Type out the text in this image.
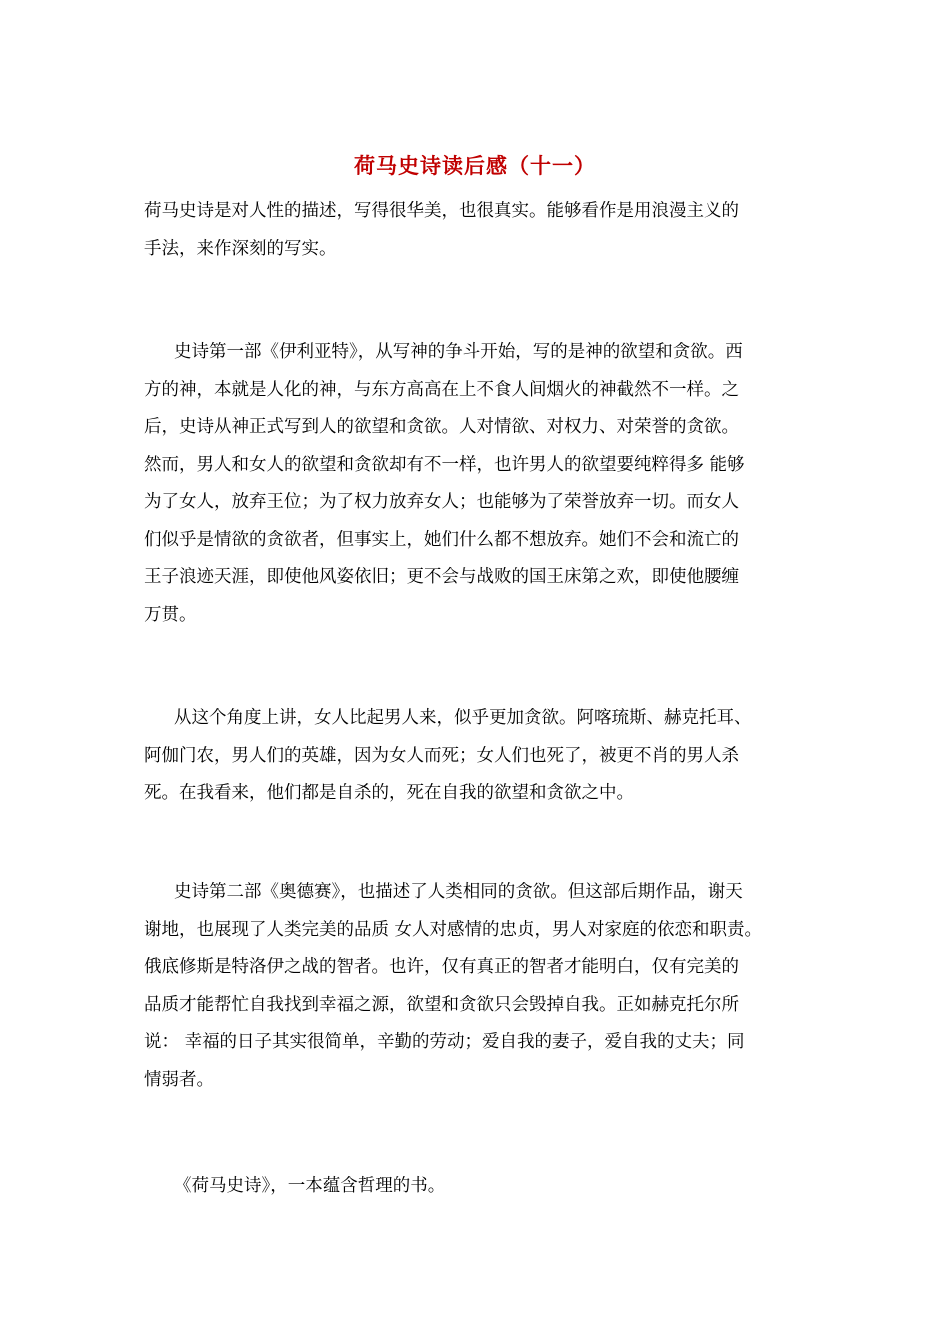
荷马史诗读后感（十一）
荷马史诗是对人性的描述，写得很华美，也很真实。能够看作是用浪漫主义的
手法，来作深刻的写实。
史诗第一部《伊利亚特》，从写神的争斗开始，写的是神的欲望和贪欲。西
方的神，本就是人化的神，与东方高高在上不食人间烟火的神截然不一样。之
后，史诗从神正式写到人的欲望和贪欲。人对情欲、对权力、对荣誉的贪欲。
然而，男人和女人的欲望和贪欲却有不一样，也许男人的欲望要纯粹得多 能够
为了女人，放弃王位；为了权力放弃女人；也能够为了荣誉放弃一切。而女人
们似乎是情欲的贪欲者，但事实上，她们什么都不想放弃。她们不会和流亡的
王子浪迹天涯，即使他风姿依旧；更不会与战败的国王床第之欢，即使他腰缠
万贯。
从这个角度上讲，女人比起男人来，似乎更加贪欲。阿喀琉斯、赫克托耳、
阿伽门农，男人们的英雄，因为女人而死；女人们也死了，被更不肖的男人杀
死。在我看来，他们都是自杀的，死在自我的欲望和贪欲之中。
史诗第二部《奥德赛》，也描述了人类相同的贪欲。但这部后期作品，谢天
谢地，也展现了人类完美的品质 女人对感情的忠贞，男人对家庭的依恋和职责。
俄底修斯是特洛伊之战的智者。也许，仅有真正的智者才能明白，仅有完美的
品质才能帮忙自我找到幸福之源，欲望和贪欲只会毁掉自我。正如赫克托尔所
说： 幸福的日子其实很简单，辛勤的劳动；爱自我的妻子，爱自我的丈夫；同
情弱者。
《荷马史诗》，一本蕴含哲理的书。
